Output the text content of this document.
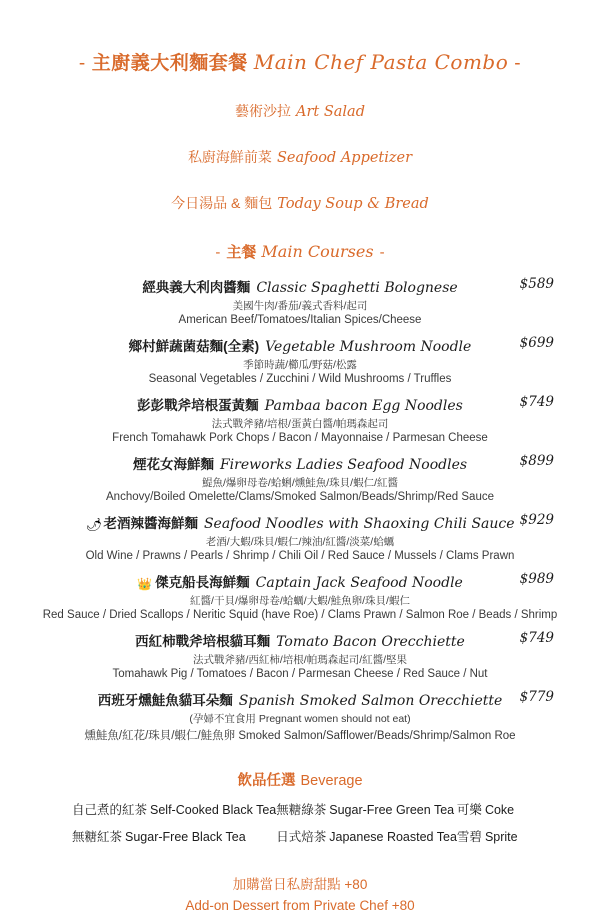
- 主廚義大利麵套餐 Main Chef Pasta Combo -
藝術沙拉 Art Salad
私廚海鮮前菜 Seafood Appetizer
今日湯品 & 麵包 Today Soup & Bread
- 主餐 Main Courses -
經典義大利肉醬麵 Classic Spaghetti Bolognese	$589
美國牛肉/番茄/義式香料/起司
American Beef/Tomatoes/Italian Spices/Cheese
鄉村鮮蔬菌菇麵(全素) Vegetable Mushroom Noodle	$699
季節時蔬/櫛瓜/野菇/松露
Seasonal Vegetables / Zucchini / Wild Mushrooms / Truffles
彭彭戰斧培根蛋黃麵 Pambaa bacon Egg Noodles	$749
法式戰斧豬/培根/蛋黃白醬/帕瑪森起司
French Tomahawk Pork Chops / Bacon / Mayonnaise / Parmesan Cheese
煙花女海鮮麵 Fireworks Ladies Seafood Noodles	$899
鯷魚/爆卵母卷/蛤蜊/燻鮭魚/珠貝/蝦仁/紅醬
Anchovy/Boiled Omelette/Clams/Smoked Salmon/Beads/Shrimp/Red Sauce
🌶 老酒辣醬海鮮麵 Seafood Noodles with Shaoxing Chili Sauce $929
老酒/大蝦/珠貝/蝦仁/辣油/紅醬/淡菜/蛤蠣
Old Wine / Prawns / Pearls / Shrimp / Chili Oil / Red Sauce / Mussels / Clams Prawn
👑 傑克船長海鮮麵 Captain Jack Seafood Noodle	$989
紅醬/干貝/爆卵母卷/蛤蠣/大蝦/鮭魚卵/珠貝/蝦仁
Red Sauce / Dried Scallops / Neritic Squid (have Roe) / Clams Prawn / Salmon Roe / Beads / Shrimp
西紅柿戰斧培根貓耳麵 Tomato Bacon Orecchiette	$749
法式戰斧豬/西紅柿/培根/帕瑪森起司/紅醬/堅果
Tomahawk Pig / Tomatoes / Bacon / Parmesan Cheese / Red Sauce / Nut
西班牙燻鮭魚貓耳朵麵 Spanish Smoked Salmon Orecchiette $779
(孕婦不宜食用 Pregnant women should not eat)
燻鮭魚/紅花/珠貝/蝦仁/鮭魚卵 Smoked Salmon/Safflower/Beads/Shrimp/Salmon Roe
飲品任選 Beverage
自己煮的紅茶 Self-Cooked Black Tea 無糖綠茶 Sugar-Free Green Tea 可樂 Coke
無糖紅茶 Sugar-Free Black Tea	日式焙茶 Japanese Roasted Tea 雪碧 Sprite
加購當日私廚甜點 +80
Add-on Dessert from Private Chef +80
